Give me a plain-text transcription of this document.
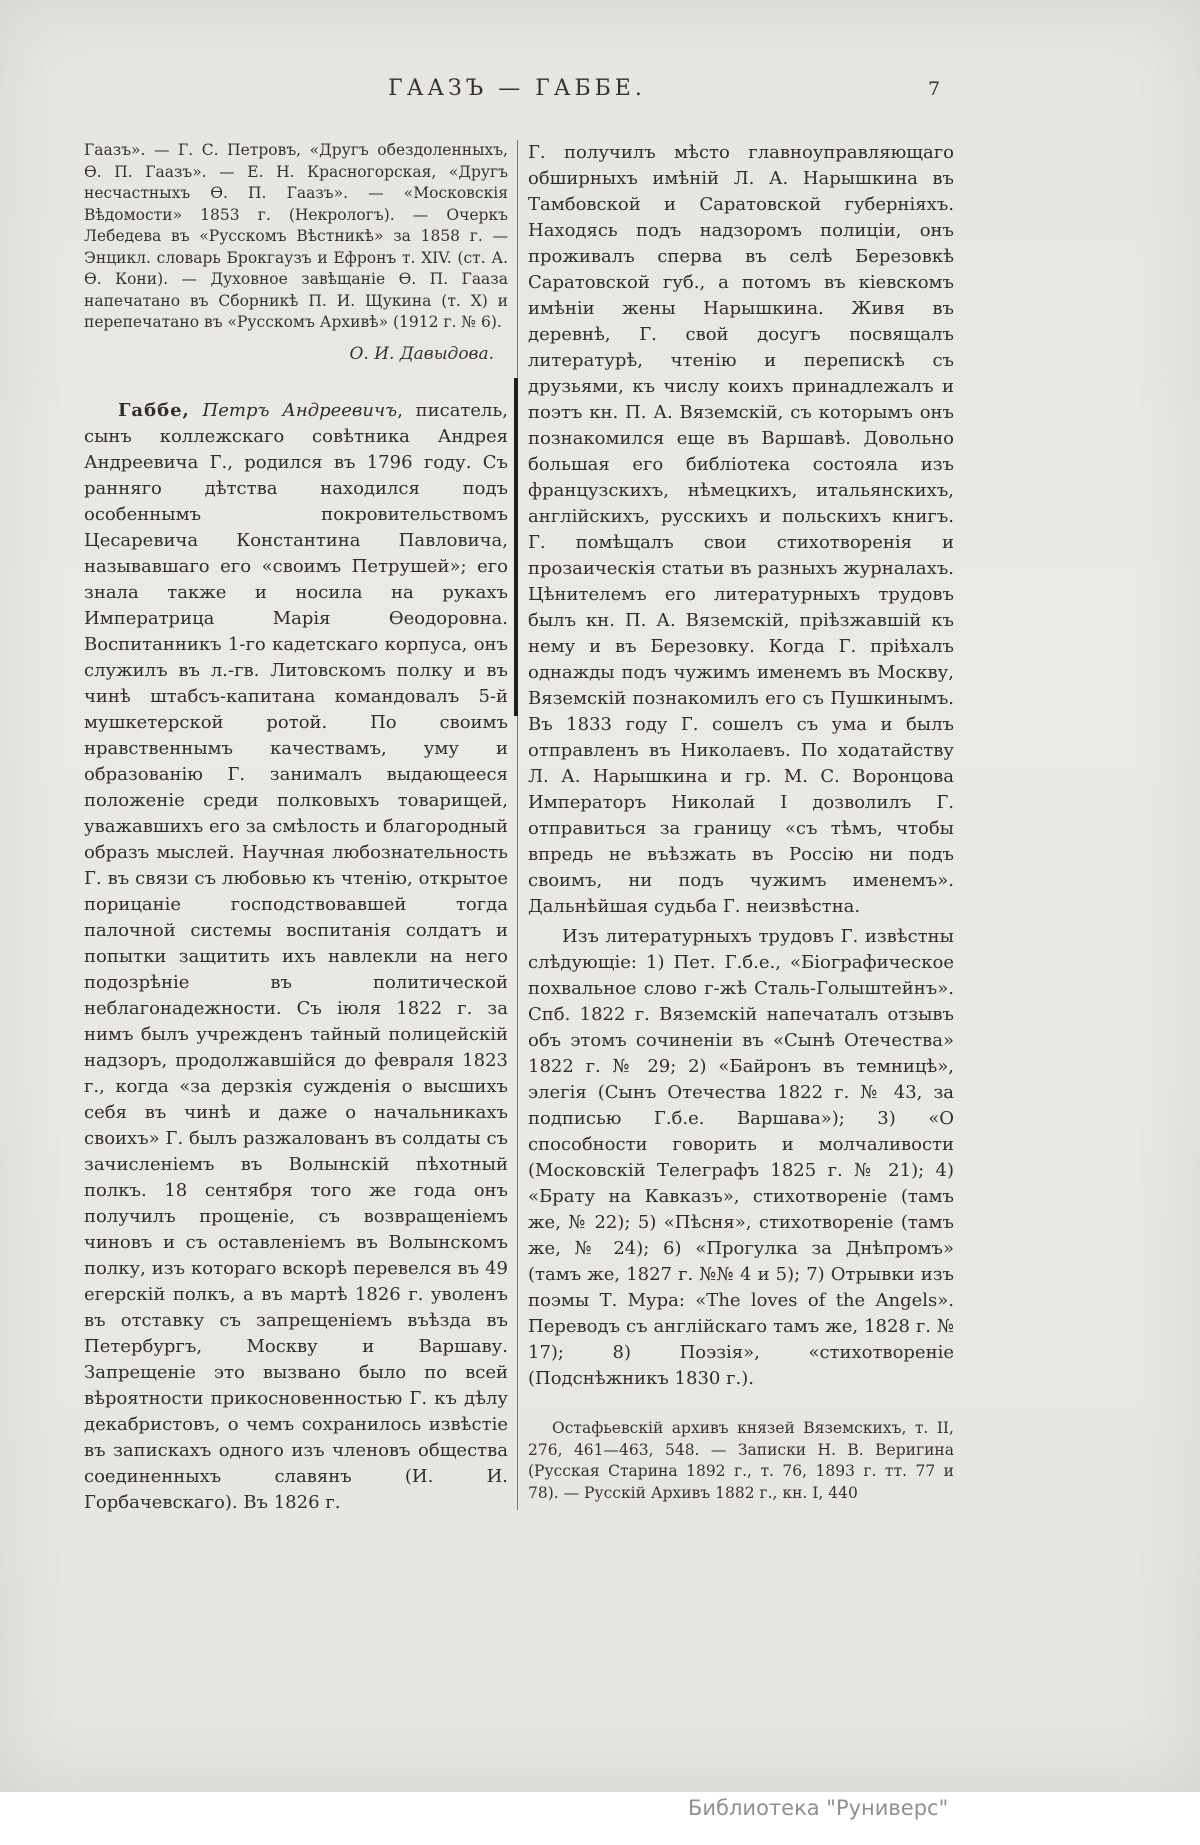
ГААЗЪ — ГАББЕ.	7

Гаазъ». — Г. С. Петровъ, «Другъ обездоленныхъ, Ѳ. П. Гаазъ». — Е. Н. Красногорская, «Другъ несчастныхъ Ѳ. П. Гаазъ». — «Московскія Вѣдомости» 1853 г. (Некрологъ). — Очеркъ Лебедева въ «Русскомъ Вѣстникѣ» за 1858 г. — Энцикл. словарь Брокгаузъ и Ефронъ т. XIV. (ст. А. Ѳ. Кони). — Духовное завѣщаніе Ѳ. П. Гааза напечатано въ Сборникѣ П. И. Щукина (т. X) и перепечатано въ «Русскомъ Архивѣ» (1912 г. № 6).

О. И. Давыдова.

Габбе, Петръ Андреевичъ, писатель, сынъ коллежскаго совѣтника Андрея Андреевича Г., родился въ 1796 году. Съ ранняго дѣтства находился подъ особеннымъ покровительствомъ Цесаревича Константина Павловича, называвшаго его «своимъ Петрушей»; его знала также и носила на рукахъ Императрица Марія Ѳеодоровна. Воспитанникъ 1-го кадетскаго корпуса, онъ служилъ въ л.-гв. Литовскомъ полку и въ чинѣ штабсъ-капитана командовалъ 5-й мушкетерской ротой. По своимъ нравственнымъ качествамъ, уму и образованію Г. занималъ выдающееся положеніе среди полковыхъ товарищей, уважавшихъ его за смѣлость и благородный образъ мыслей. Научная любознательность Г. въ связи съ любовью къ чтенію, открытое порицаніе господствовавшей тогда палочной системы воспитанія солдатъ и попытки защитить ихъ навлекли на него подозрѣніе въ политической неблагонадежности. Съ іюля 1822 г. за нимъ былъ учрежденъ тайный полицейскій надзоръ, продолжавшійся до февраля 1823 г., когда «за дерзкія сужденія о высшихъ себя въ чинѣ и даже о начальникахъ своихъ» Г. былъ разжалованъ въ солдаты съ зачисленіемъ въ Волынскій пѣхотный полкъ. 18 сентября того же года онъ получилъ прощеніе, съ возвращеніемъ чиновъ и съ оставленіемъ въ Волынскомъ полку, изъ котораго вскорѣ перевелся въ 49 егерскій полкъ, а въ мартѣ 1826 г. уволенъ въ отставку съ запрещеніемъ въѣзда въ Петербургъ, Москву и Варшаву. Запрещеніе это вызвано было по всей вѣроятности прикосновенностью Г. къ дѣлу декабристовъ, о чемъ сохранилось извѣстіе въ запискахъ одного изъ членовъ общества соединенныхъ славянъ (И. И. Горбачевскаго). Въ 1826 г.

Г. получилъ мѣсто главноуправляющаго обширныхъ имѣній Л. А. Нарышкина въ Тамбовской и Саратовской губерніяхъ. Находясь подъ надзоромъ полиціи, онъ проживалъ сперва въ селѣ Березовкѣ Саратовской губ., а потомъ въ кіевскомъ имѣніи жены Нарышкина. Живя въ деревнѣ, Г. свой досугъ посвящалъ литературѣ, чтенію и перепискѣ съ друзьями, къ числу коихъ принадлежалъ и поэтъ кн. П. А. Вяземскій, съ которымъ онъ познакомился еще въ Варшавѣ. Довольно большая его библіотека состояла изъ французскихъ, нѣмецкихъ, итальянскихъ, англійскихъ, русскихъ и польскихъ книгъ. Г. помѣщалъ свои стихотворенія и прозаическія статьи въ разныхъ журналахъ. Цѣнителемъ его литературныхъ трудовъ былъ кн. П. А. Вяземскій, пріѣзжавшій къ нему и въ Березовку. Когда Г. пріѣхалъ однажды подъ чужимъ именемъ въ Москву, Вяземскій познакомилъ его съ Пушкинымъ. Въ 1833 году Г. сошелъ съ ума и былъ отправленъ въ Николаевъ. По ходатайству Л. А. Нарышкина и гр. М. С. Воронцова Императоръ Николай I дозволилъ Г. отправиться за границу «съ тѣмъ, чтобы впредь не въѣзжать въ Россію ни подъ своимъ, ни подъ чужимъ именемъ». Дальнѣйшая судьба Г. неизвѣстна.

Изъ литературныхъ трудовъ Г. извѣстны слѣдующіе: 1) Пет. Г.б.е., «Біографическое похвальное слово г-жѣ Сталь-Голыштейнъ». Спб. 1822 г. Вяземскій напечаталъ отзывъ объ этомъ сочиненіи въ «Сынѣ Отечества» 1822 г. № 29; 2) «Байронъ въ темницѣ», элегія (Сынъ Отечества 1822 г. № 43, за подписью Г.б.е. Варшава»); 3) «О способности говорить и молчаливости (Московскій Телеграфъ 1825 г. № 21); 4) «Брату на Кавказъ», стихотвореніе (тамъ же, № 22); 5) «Пѣсня», стихотвореніе (тамъ же, № 24); 6) «Прогулка за Днѣпромъ» (тамъ же, 1827 г. №№ 4 и 5); 7) Отрывки изъ поэмы Т. Мура: «The loves of the Angels». Переводъ съ англійскаго тамъ же, 1828 г. № 17); 8) Поэзія», «стихотвореніе (Подснѣжникъ 1830 г.).

Остафьевскій архивъ князей Вяземскихъ, т. II, 276, 461—463, 548. — Записки Н. В. Веригина (Русская Старина 1892 г., т. 76, 1893 г. тт. 77 и 78). — Русскій Архивъ 1882 г., кн. I, 440

Библиотека "Руниверс"
